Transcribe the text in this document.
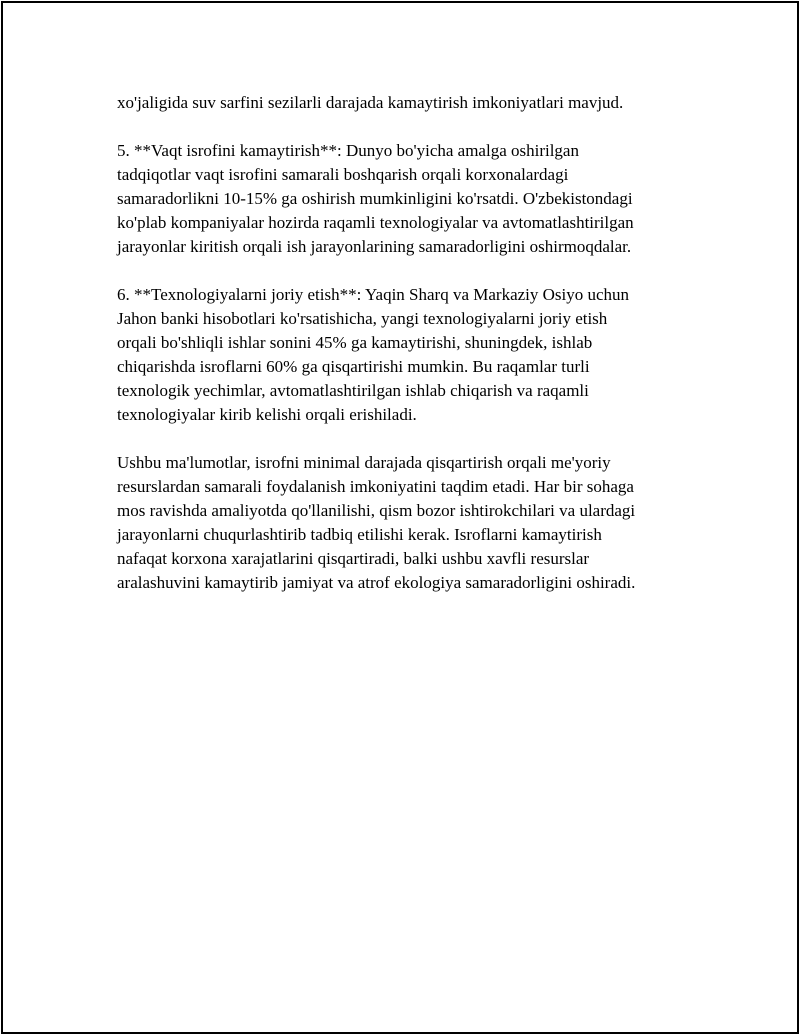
xo'jaligida suv sarfini sezilarli darajada kamaytirish imkoniyatlari mavjud.

5. **Vaqt isrofini kamaytirish**: Dunyo bo'yicha amalga oshirilgan
tadqiqotlar vaqt isrofini samarali boshqarish orqali korxonalardagi
samaradorlikni 10-15% ga oshirish mumkinligini ko'rsatdi. O'zbekistondagi
ko'plab kompaniyalar hozirda raqamli texnologiyalar va avtomatlashtirilgan
jarayonlar kiritish orqali ish jarayonlarining samaradorligini oshirmoqdalar.

6. **Texnologiyalarni joriy etish**: Yaqin Sharq va Markaziy Osiyo uchun
Jahon banki hisobotlari ko'rsatishicha, yangi texnologiyalarni joriy etish
orqali bo'shliqli ishlar sonini 45% ga kamaytirishi, shuningdek, ishlab
chiqarishda isroflarni 60% ga qisqartirishi mumkin. Bu raqamlar turli
texnologik yechimlar, avtomatlashtirilgan ishlab chiqarish va raqamli
texnologiyalar kirib kelishi orqali erishiladi.

Ushbu ma'lumotlar, isrofni minimal darajada qisqartirish orqali me'yoriy
resurslardan samarali foydalanish imkoniyatini taqdim etadi. Har bir sohaga
mos ravishda amaliyotda qo'llanilishi, qism bozor ishtirokchilari va ulardagi
jarayonlarni chuqurlashtirib tadbiq etilishi kerak. Isroflarni kamaytirish
nafaqat korxona xarajatlarini qisqartiradi, balki ushbu xavfli resurslar
aralashuvini kamaytirib jamiyat va atrof ekologiya samaradorligini oshiradi.
